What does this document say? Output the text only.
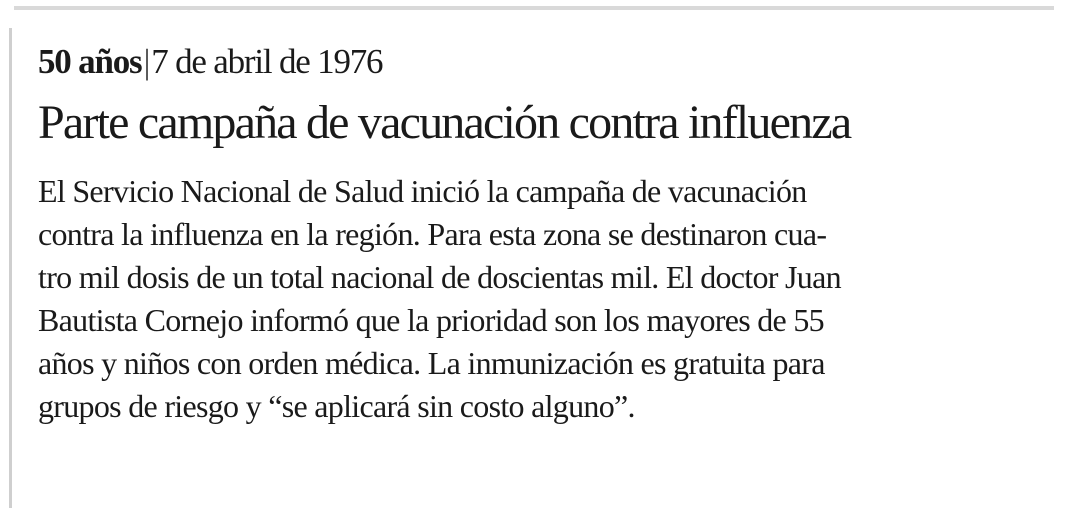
50 años|7 de abril de 1976
Parte campaña de vacunación contra influenza
El Servicio Nacional de Salud inició la campaña de vacunación
contra la influenza en la región. Para esta zona se destinaron cua-
tro mil dosis de un total nacional de doscientas mil. El doctor Juan
Bautista Cornejo informó que la prioridad son los mayores de 55
años y niños con orden médica. La inmunización es gratuita para
grupos de riesgo y “se aplicará sin costo alguno”.
